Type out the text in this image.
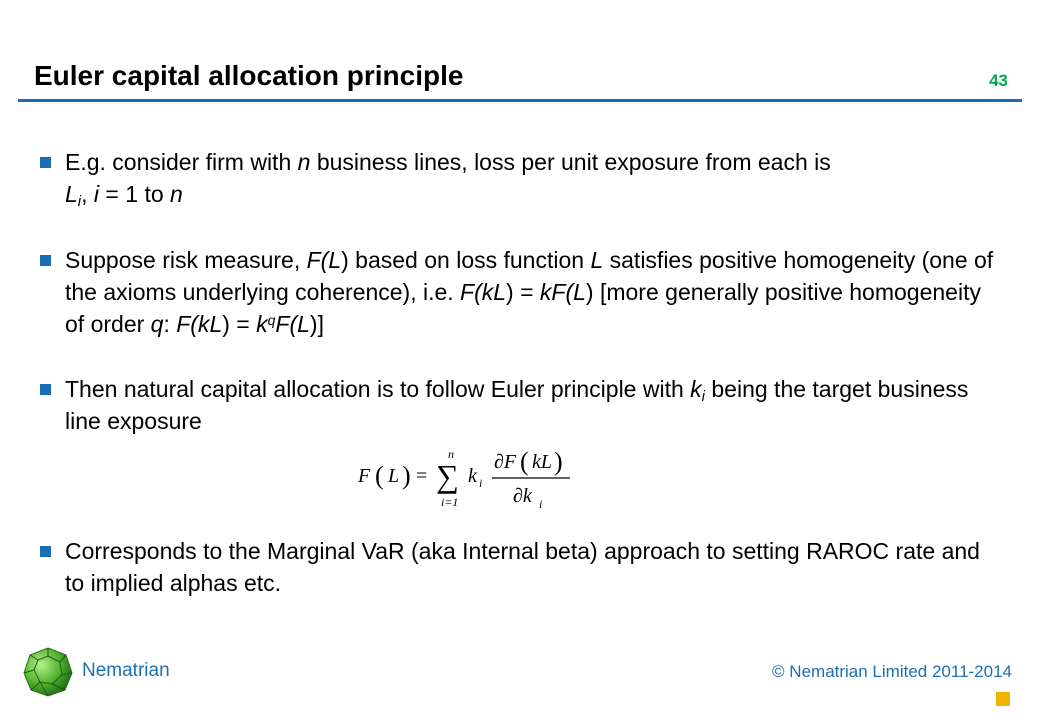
Euler capital allocation principle	43
E.g. consider firm with n business lines, loss per unit exposure from each is
$L_i$, i = 1 to n
Suppose risk measure, F(L) based on loss function L satisfies positive homogeneity (one of the axioms underlying coherence), i.e. F(kL) = kF(L) [more generally positive homogeneity of order q: $F(kL) = k^qF(L)$]
Then natural capital allocation is to follow Euler principle with $k_i$ being the target business line exposure
Corresponds to the Marginal VaR (aka Internal beta) approach to setting RAROC rate and to implied alphas etc.
F ( L ) =
n
∑
i=1
k i
∂F ( kL )
∂k i
Nematrian	© Nematrian Limited 2011-2014
